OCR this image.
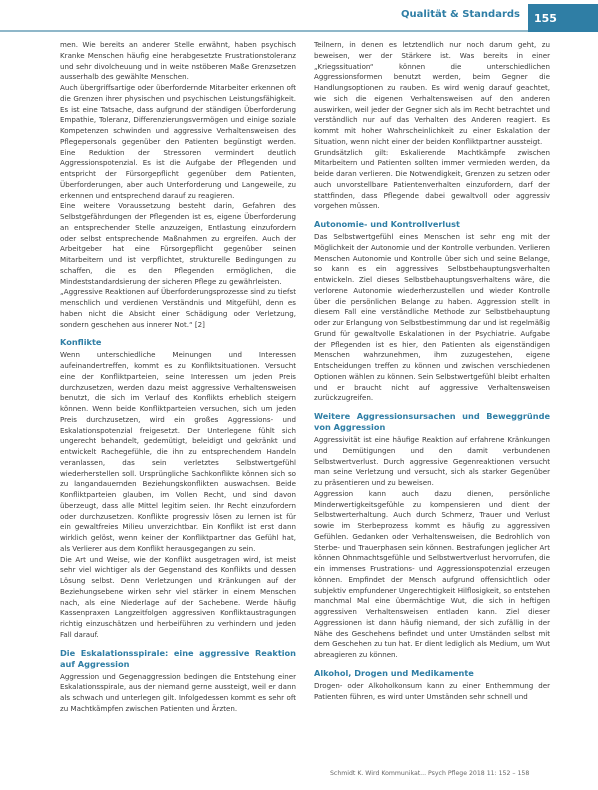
Qualität & Standards	155

men. Wie bereits an anderer Stelle erwähnt, haben psychisch Kranke Menschen häufig eine herabgesetzte Frustrationstoleranz und sehr divolcheuung und in weite nstöberen Maße Grenzsetzen ausserhalb des gewählte Menschen.

Auch übergriffsartige oder überfordernde Mitarbeiter erkennen oft die Grenzen ihrer physischen und psychischen Leistungsfähigkeit. Es ist eine Tatsache, dass aufgrund der ständigen Überforderung Empathie, Toleranz, Differenzierungsvermögen und einige soziale Kompetenzen schwinden und aggressive Verhaltensweisen des Pflegepersonals gegenüber den Patienten begünstigt werden. Eine Reduktion der Stressoren vermindert deutlich Aggressionspotenzial. Es ist die Aufgabe der Pflegenden und entspricht der Fürsorgepflicht gegenüber dem Patienten, Überforderungen, aber auch Unterforderung und Langeweile, zu erkennen und entsprechend darauf zu reagieren.

Eine weitere Voraussetzung besteht darin, Gefahren des Selbstgefährdungen der Pflegenden ist es, eigene Überforderung an entsprechender Stelle anzuzeigen, Entlastung einzufordern oder selbst entsprechende Maßnahmen zu ergreifen. Auch der Arbeitgeber hat eine Fürsorgepflicht gegenüber seinen Mitarbeitern und ist verpflichtet, strukturelle Bedingungen zu schaffen, die es den Pflegenden ermöglichen, die Mindeststandardsierung der sicheren Pflege zu gewährleisten.

„Aggressive Reaktionen auf Überforderungsprozesse sind zu tiefst menschlich und verdienen Verständnis und Mitgefühl, denn es haben nicht die Absicht einer Schädigung oder Verletzung, sondern geschehen aus innerer Not.“ [2]

Konflikte

Wenn unterschiedliche Meinungen und Interessen aufeinandertreffen, kommt es zu Konfliktsituationen. Versucht eine der Konfliktparteien, seine Interessen um jeden Preis durchzusetzen, werden dazu meist aggressive Verhaltensweisen benutzt, die sich im Verlauf des Konflikts erheblich steigern können. Wenn beide Konfliktparteien versuchen, sich um jeden Preis durchzusetzen, wird ein großes Aggressions- und Eskalationspotenzial freigesetzt. Der Unterlegene fühlt sich ungerecht behandelt, gedemütigt, beleidigt und gekränkt und entwickelt Rachegefühle, die ihn zu entsprechendem Handeln veranlassen, das sein verletztes Selbstwertgefühl wiederherstellen soll. Ursprüngliche Sachkonflikte können sich so zu langandauernden Beziehungskonflikten auswachsen. Beide Konfliktparteien glauben, im Vollen Recht, und sind davon überzeugt, dass alle Mittel legitim seien. Ihr Recht einzufordern oder durchzusetzen. Konflikte progressiv lösen zu lernen ist für ein gewaltfreies Milieu unverzichtbar. Ein Konflikt ist erst dann wirklich gelöst, wenn keiner der Konfliktpartner das Gefühl hat, als Verlierer aus dem Konflikt herausgegangen zu sein.

Die Art und Weise, wie der Konflikt ausgetragen wird, ist meist sehr viel wichtiger als der Gegenstand des Konflikts und dessen Lösung selbst. Denn Verletzungen und Kränkungen auf der Beziehungsebene wirken sehr viel stärker in einem Menschen nach, als eine Niederlage auf der Sachebene. Werde häufig Kassenpraxen Langzeitfolgen aggressiven Konfliktaustragungen richtig einzuschätzen und herbeiführen zu verhindern und jeden Fall darauf.

Die Eskalationsspirale: eine aggressive Reaktion auf Aggression

Aggression und Gegenaggression bedingen die Entstehung einer Eskalationsspirale, aus der niemand gerne aussteigt, weil er dann als schwach und unterlegen gilt. Infolgedessen kommt es sehr oft zu Machtkämpfen zwischen Patienten und Ärzten.

Teilnern, in denen es letztendlich nur noch darum geht, zu beweisen, wer der Stärkere ist. Was bereits in einer „Kriegssituation“ können die unterschiedlichen Aggressionsformen benutzt werden, beim Gegner die Handlungsoptionen zu rauben. Es wird wenig darauf geachtet, wie sich die eigenen Verhaltensweisen auf den anderen auswirken, weil jeder der Gegner sich als im Recht betrachtet und verständlich nur auf das Verhalten des Anderen reagiert. Es kommt mit hoher Wahrscheinlichkeit zu einer Eskalation der Situation, wenn nicht einer der beiden Konfliktpartner aussteigt.

Grundsätzlich gilt: Eskalierende Machtkämpfe zwischen Mitarbeitern und Patienten sollten immer vermieden werden, da beide daran verlieren. Die Notwendigkeit, Grenzen zu setzen oder auch unvorstellbare Patientenverhalten einzufordern, darf der stattfinden, dass Pflegende dabei gewaltvoll oder aggressiv vorgehen müssen.

Autonomie- und Kontrollverlust

Das Selbstwertgefühl eines Menschen ist sehr eng mit der Möglichkeit der Autonomie und der Kontrolle verbunden. Verlieren Menschen Autonomie und Kontrolle über sich und seine Belange, so kann es ein aggressives Selbstbehauptungsverhalten entwickeln. Ziel dieses Selbstbehauptungsverhaltens wäre, die verlorene Autonomie wiederherzustellen und wieder Kontrolle über die persönlichen Belange zu haben. Aggression stellt in diesem Fall eine verständliche Methode zur Selbstbehauptung oder zur Erlangung von Selbstbestimmung dar und ist regelmäßig Grund für gewaltvolle Eskalationen in der Psychiatrie. Aufgabe der Pflegenden ist es hier, den Patienten als eigenständigen Menschen wahrzunehmen, ihm zuzugestehen, eigene Entscheidungen treffen zu können und zwischen verschiedenen Optionen wählen zu können. Sein Selbstwertgefühl bleibt erhalten und er braucht nicht auf aggressive Verhaltensweisen zurückzugreifen.

Weitere Aggressionsursachen und Beweggründe von Aggression

Aggressivität ist eine häufige Reaktion auf erfahrene Kränkungen und Demütigungen und den damit verbundenen Selbstwertverlust. Durch aggressive Gegenreaktionen versucht man seine Verletzung und versucht, sich als starker Gegenüber zu präsentieren und zu beweisen.

Aggression kann auch dazu dienen, persönliche Minderwertigkeitsgefühle zu kompensieren und dient der Selbstwerterhaltung. Auch durch Schmerz, Trauer und Verlust sowie im Sterbeprozess kommt es häufig zu aggressiven Gefühlen. Gedanken oder Verhaltensweisen, die Bedrohlich von Sterbe- und Trauerphasen sein können. Bestrafungen jeglicher Art können Ohnmachtsgefühle und Selbstwertverlust hervorrufen, die ein immenses Frustrations- und Aggressionspotenzial erzeugen können. Empfindet der Mensch aufgrund offensichtlich oder subjektiv empfundener Ungerechtigkeit Hilflosigkeit, so entstehen manchmal Mal eine übermächtige Wut, die sich in heftigen aggressiven Verhaltensweisen entladen kann. Ziel dieser Aggressionen ist dann häufig niemand, der sich zufällig in der Nähe des Geschehens befindet und unter Umständen selbst mit dem Geschehen zu tun hat. Er dient lediglich als Medium, um Wut abreagieren zu können.

Alkohol, Drogen und Medikamente

Drogen- oder Alkoholkonsum kann zu einer Enthemmung der Patienten führen, es wird unter Umständen sehr schnell und

Schmidt K. Wird Kommunikat... Psych Pflege 2018 11: 152 – 158
